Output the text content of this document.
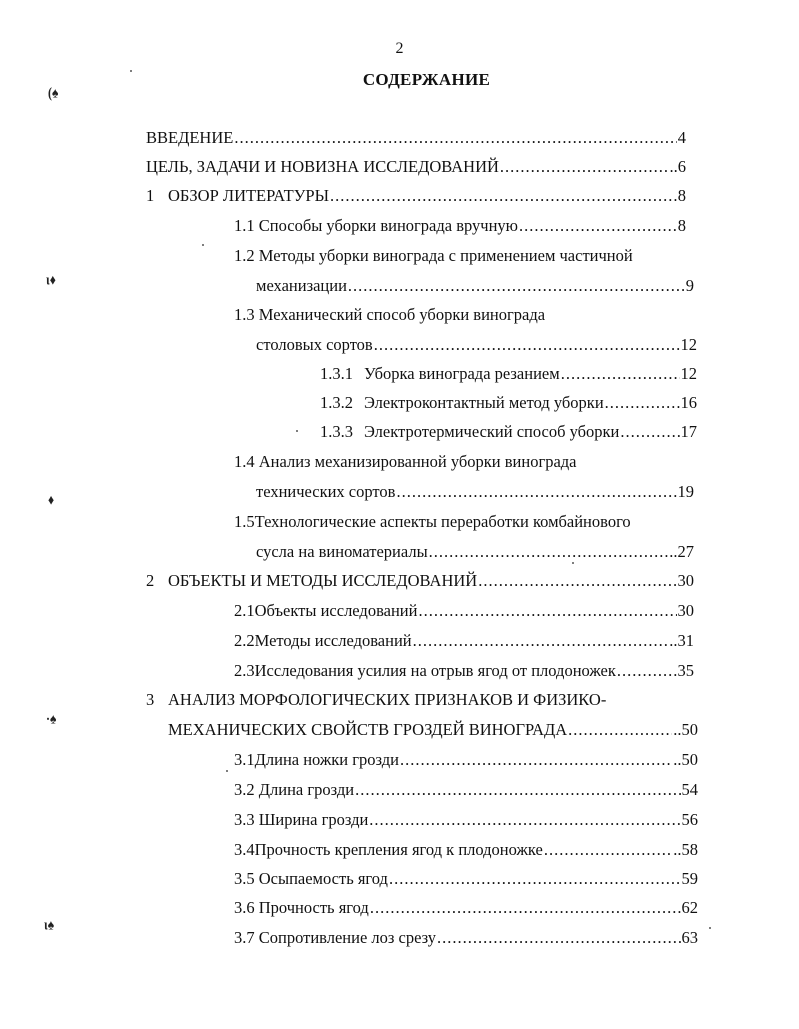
2
СОДЕРЖАНИЕ
(♠
ι♦
♦
·♠
ι♠
ВВЕДЕНИЕ .....	4
ЦЕЛЬ, ЗАДАЧИ И НОВИЗНА ИССЛЕДОВАНИЙ .....	..6
1 ОБЗОР ЛИТЕРАТУРЫ .....	8
1.1 Способы уборки винограда вручную .....	8
1.2 Методы уборки винограда с применением частичной
механизации .....	9
1.3 Механический способ уборки винограда
столовых сортов .....	12
1.3.1 Уборка винограда резанием .....	12
1.3.2 Электроконтактный метод уборки .....	16
1.3.3 Электротермический способ уборки .....	17
1.4 Анализ механизированной уборки винограда
технических сортов .....	19
1.5Технологические аспекты переработки комбайнового
сусла на виноматериалы .....	..27
2 ОБЪЕКТЫ И МЕТОДЫ ИССЛЕДОВАНИЙ .....	30
2.1Объекты исследований .....	30
2.2Методы исследований .....	..31
2.3Исследования усилия на отрыв ягод от плодоножек .....	35
3 АНАЛИЗ МОРФОЛОГИЧЕСКИХ ПРИЗНАКОВ И ФИЗИКО-
МЕХАНИЧЕСКИХ СВОЙСТВ ГРОЗДЕЙ ВИНОГРАДА .....	..50
3.1Длина ножки грозди .....	..50
3.2 Длина грозди .....	54
3.3 Ширина грозди .....	56
3.4Прочность крепления ягод к плодоножке .....	..58
3.5 Осыпаемость ягод .....	59
3.6 Прочность ягод .....	62
3.7 Сопротивление лоз срезу .....	63
